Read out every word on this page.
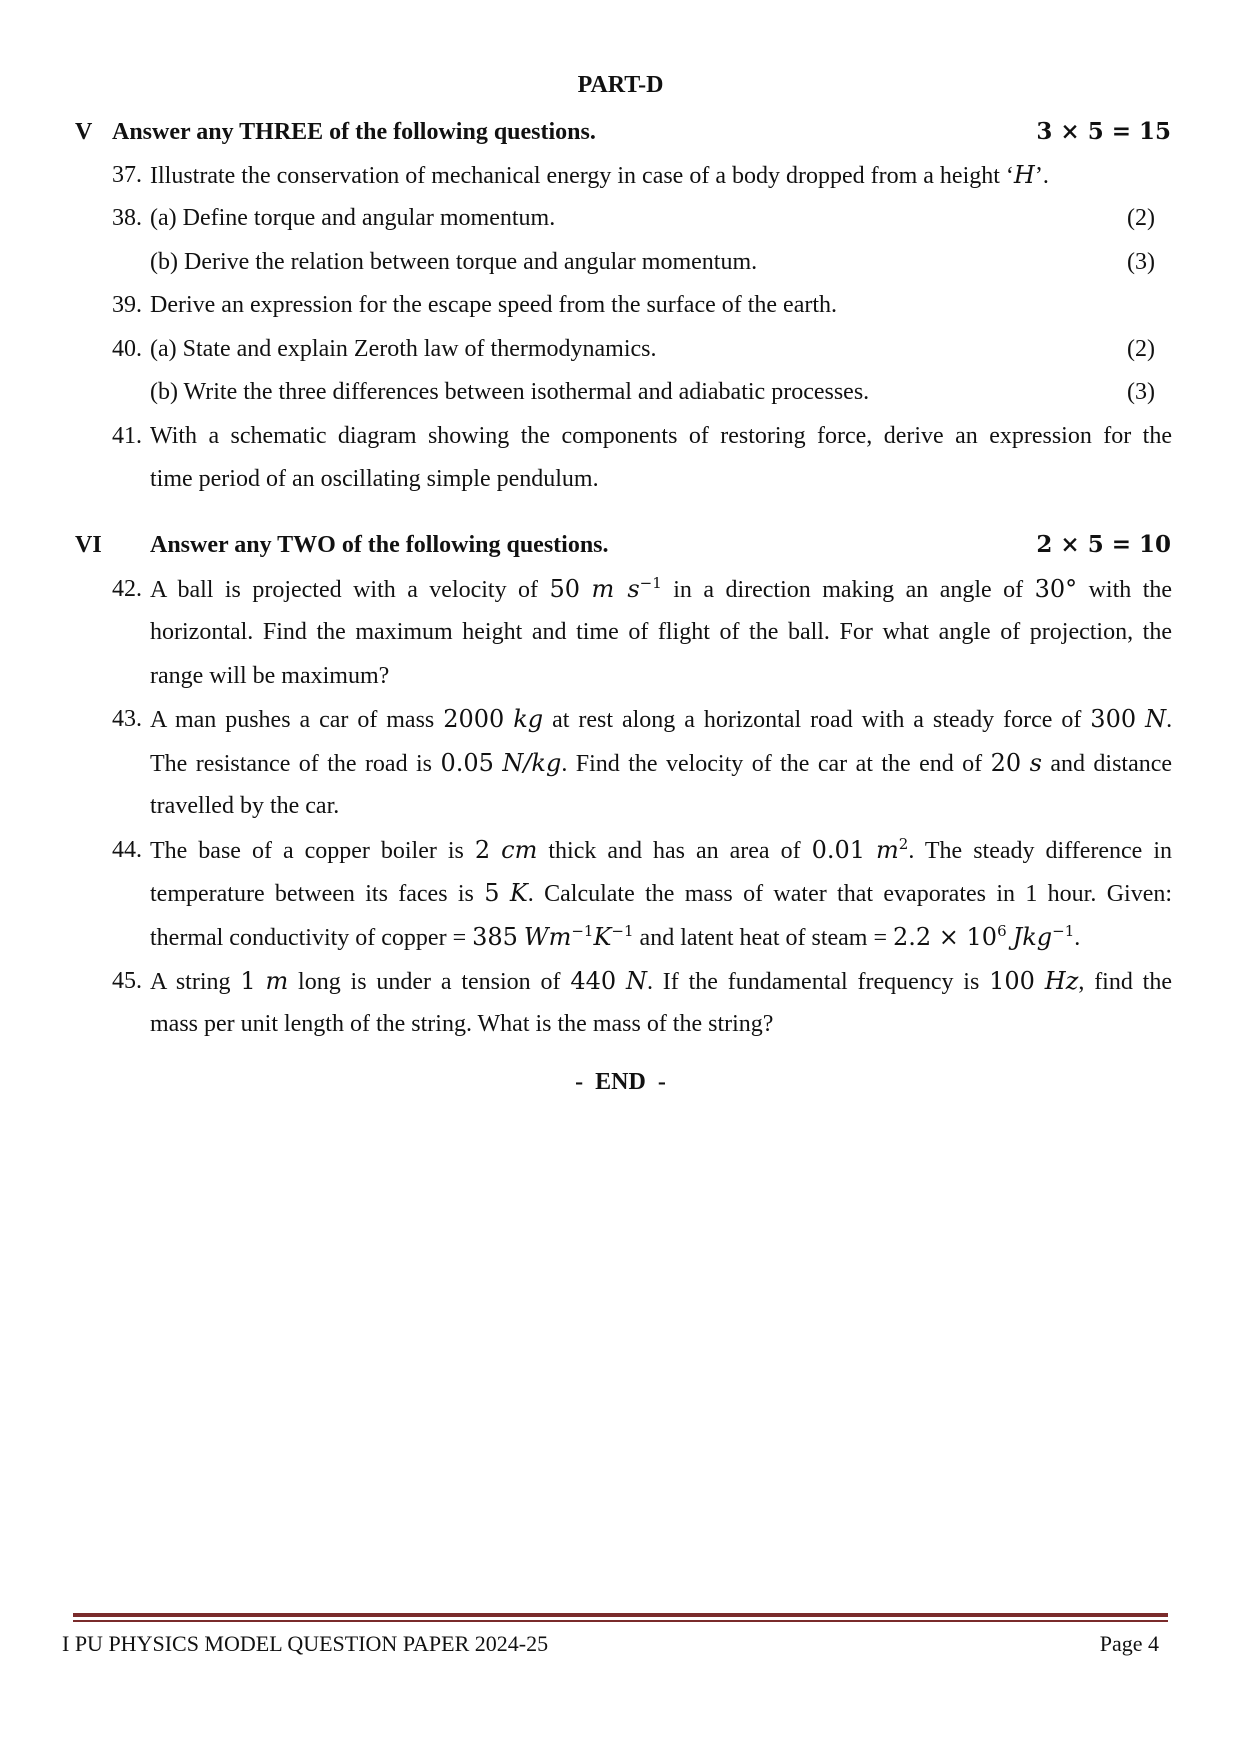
PART-D
V Answer any THREE of the following questions.	3 × 5 = 15
37. Illustrate the conservation of mechanical energy in case of a body dropped from a height ‘H’.
38. (a) Define torque and angular momentum.	(2)
(b) Derive the relation between torque and angular momentum.	(3)
39. Derive an expression for the escape speed from the surface of the earth.
40. (a) State and explain Zeroth law of thermodynamics.	(2)
(b) Write the three differences between isothermal and adiabatic processes.	(3)
41. With a schematic diagram showing the components of restoring force, derive an expression for the
time period of an oscillating simple pendulum.
VI Answer any TWO of the following questions.	2 × 5 = 10
42. A ball is projected with a velocity of 50 m $s^{-1}$ in a direction making an angle of 30° with the
horizontal. Find the maximum height and time of flight of the ball. For what angle of projection, the
range will be maximum?
43. A man pushes a car of mass 2000 kg at rest along a horizontal road with a steady force of 300 N.
The resistance of the road is 0.05 N/kg. Find the velocity of the car at the end of 20 s and distance
travelled by the car.
44. The base of a copper boiler is 2 cm thick and has an area of 0.01 $m^2$. The steady difference in
temperature between its faces is 5 K. Calculate the mass of water that evaporates in 1 hour. Given:
thermal conductivity of copper = 385 $Wm^{-1}K^{-1}$ and latent heat of steam = $2.2 \times 10^6$ Jkg$^{-1}$.
45. A string 1 m long is under a tension of 440 N. If the fundamental frequency is 100 Hz, find the
mass per unit length of the string. What is the mass of the string?
-  END  -
I PU PHYSICS MODEL QUESTION PAPER 2024-25	Page 4
